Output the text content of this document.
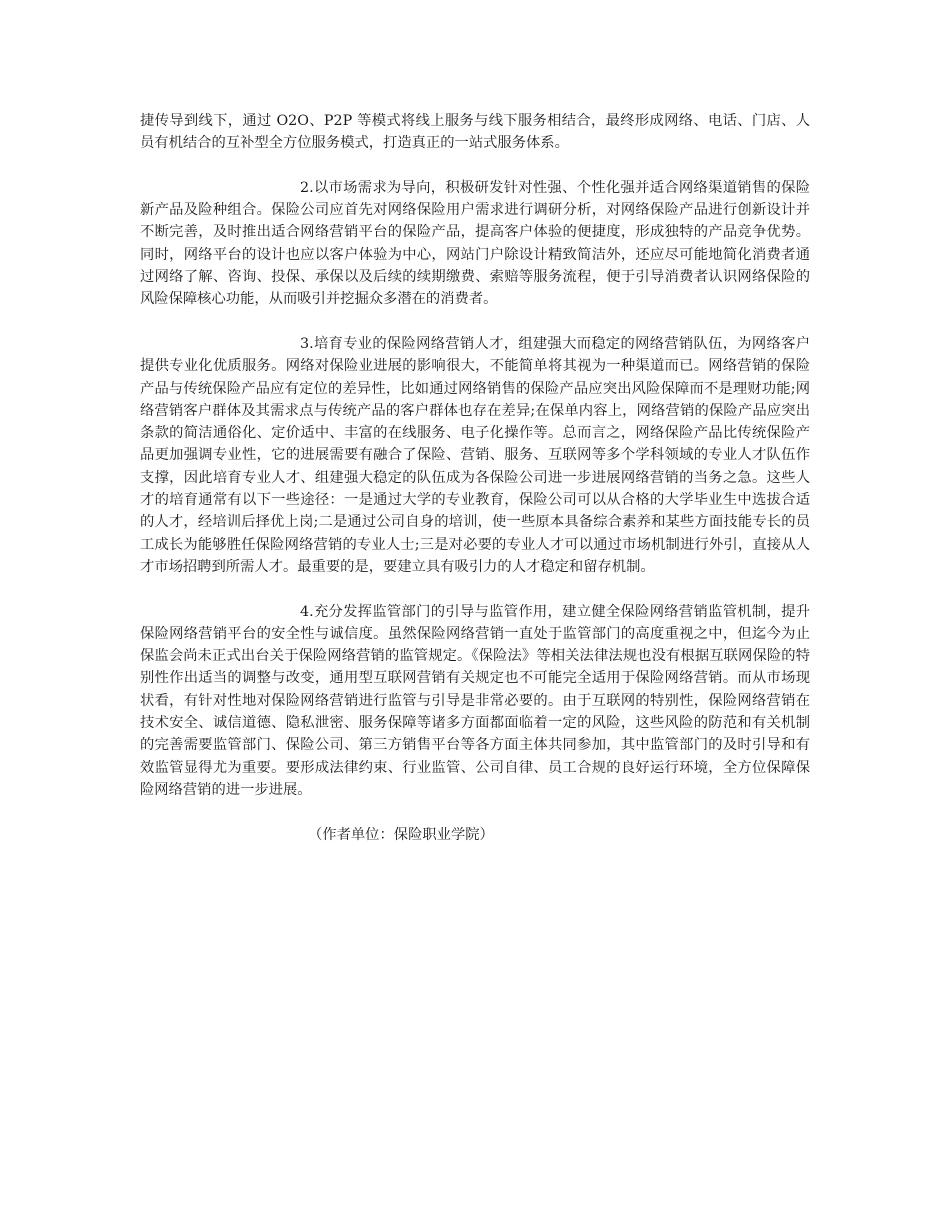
捷传导到线下，通过 O2O、P2P 等模式将线上服务与线下服务相结合，最终形成网络、电话、门店、人员有机结合的互补型全方位服务模式，打造真正的一站式服务体系。

2.以市场需求为导向，积极研发针对性强、个性化强并适合网络渠道销售的保险新产品及险种组合。保险公司应首先对网络保险用户需求进行调研分析，对网络保险产品进行创新设计并不断完善，及时推出适合网络营销平台的保险产品，提高客户体验的便捷度，形成独特的产品竞争优势。同时，网络平台的设计也应以客户体验为中心，网站门户除设计精致简洁外，还应尽可能地简化消费者通过网络了解、咨询、投保、承保以及后续的续期缴费、索赔等服务流程，便于引导消费者认识网络保险的风险保障核心功能，从而吸引并挖掘众多潜在的消费者。

3.培育专业的保险网络营销人才，组建强大而稳定的网络营销队伍，为网络客户提供专业化优质服务。网络对保险业进展的影响很大，不能简单将其视为一种渠道而已。网络营销的保险产品与传统保险产品应有定位的差异性，比如通过网络销售的保险产品应突出风险保障而不是理财功能;网络营销客户群体及其需求点与传统产品的客户群体也存在差异;在保单内容上，网络营销的保险产品应突出条款的简洁通俗化、定价适中、丰富的在线服务、电子化操作等。总而言之，网络保险产品比传统保险产品更加强调专业性，它的进展需要有融合了保险、营销、服务、互联网等多个学科领域的专业人才队伍作支撑，因此培育专业人才、组建强大稳定的队伍成为各保险公司进一步进展网络营销的当务之急。这些人才的培育通常有以下一些途径：一是通过大学的专业教育，保险公司可以从合格的大学毕业生中选拔合适的人才，经培训后择优上岗;二是通过公司自身的培训，使一些原本具备综合素养和某些方面技能专长的员工成长为能够胜任保险网络营销的专业人士;三是对必要的专业人才可以通过市场机制进行外引，直接从人才市场招聘到所需人才。最重要的是，要建立具有吸引力的人才稳定和留存机制。

4.充分发挥监管部门的引导与监管作用，建立健全保险网络营销监管机制，提升保险网络营销平台的安全性与诚信度。虽然保险网络营销一直处于监管部门的高度重视之中，但迄今为止保监会尚未正式出台关于保险网络营销的监管规定。《保险法》等相关法律法规也没有根据互联网保险的特别性作出适当的调整与改变，通用型互联网营销有关规定也不可能完全适用于保险网络营销。而从市场现状看，有针对性地对保险网络营销进行监管与引导是非常必要的。由于互联网的特别性，保险网络营销在技术安全、诚信道德、隐私泄密、服务保障等诸多方面都面临着一定的风险，这些风险的防范和有关机制的完善需要监管部门、保险公司、第三方销售平台等各方面主体共同参加，其中监管部门的及时引导和有效监管显得尤为重要。要形成法律约束、行业监管、公司自律、员工合规的良好运行环境，全方位保障保险网络营销的进一步进展。

（作者单位：保险职业学院）
